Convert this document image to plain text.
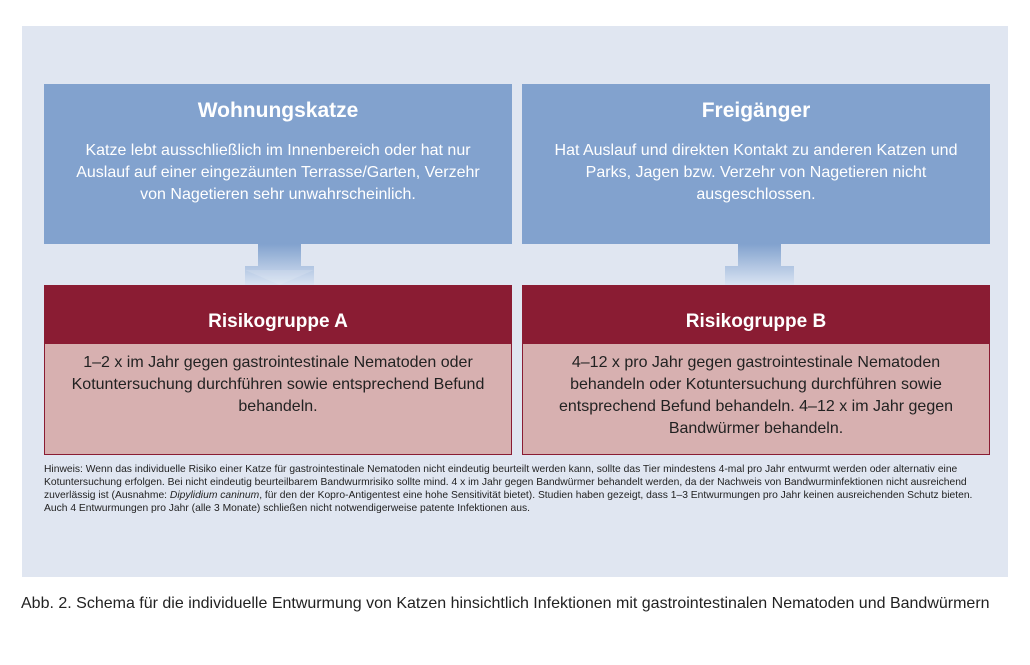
Wohnungskatze
Katze lebt ausschließlich im Innenbereich oder hat nur Auslauf auf einer eingezäunten Terrasse/Garten, Verzehr von Nagetieren sehr unwahrscheinlich.
Risikogruppe A
1–2 x im Jahr gegen gastrointestinale Nematoden oder Kotuntersuchung durchführen sowie entsprechend Befund behandeln.
Freigänger
Hat Auslauf und direkten Kontakt zu anderen Katzen und Parks, Jagen bzw. Verzehr von Nagetieren nicht ausgeschlossen.
Risikogruppe B
4–12 x pro Jahr gegen gastrointestinale Nematoden behandeln oder Kotuntersuchung durchführen sowie entsprechend Befund behandeln. 4–12 x im Jahr gegen Bandwürmer behandeln.
Hinweis: Wenn das individuelle Risiko einer Katze für gastrointestinale Nematoden nicht eindeutig beurteilt werden kann, sollte das Tier mindestens 4-mal pro Jahr entwurmt werden oder alternativ eine Kotuntersuchung erfolgen. Bei nicht eindeutig beurteilbarem Bandwurmrisiko sollte mind. 4 x im Jahr gegen Bandwürmer behandelt werden, da der Nachweis von Bandwurminfektionen nicht ausreichend zuverlässig ist (Ausnahme: Dipylidium caninum, für den der Kopro-Antigentest eine hohe Sensitivität bietet). Studien haben gezeigt, dass 1–3 Entwurmungen pro Jahr keinen ausreichenden Schutz bieten. Auch 4 Entwurmungen pro Jahr (alle 3 Monate) schließen nicht notwendigerweise patente Infektionen aus.
Abb. 2. Schema für die individuelle Entwurmung von Katzen hinsichtlich Infektionen mit gastrointestinalen Nematoden und Bandwürmern
